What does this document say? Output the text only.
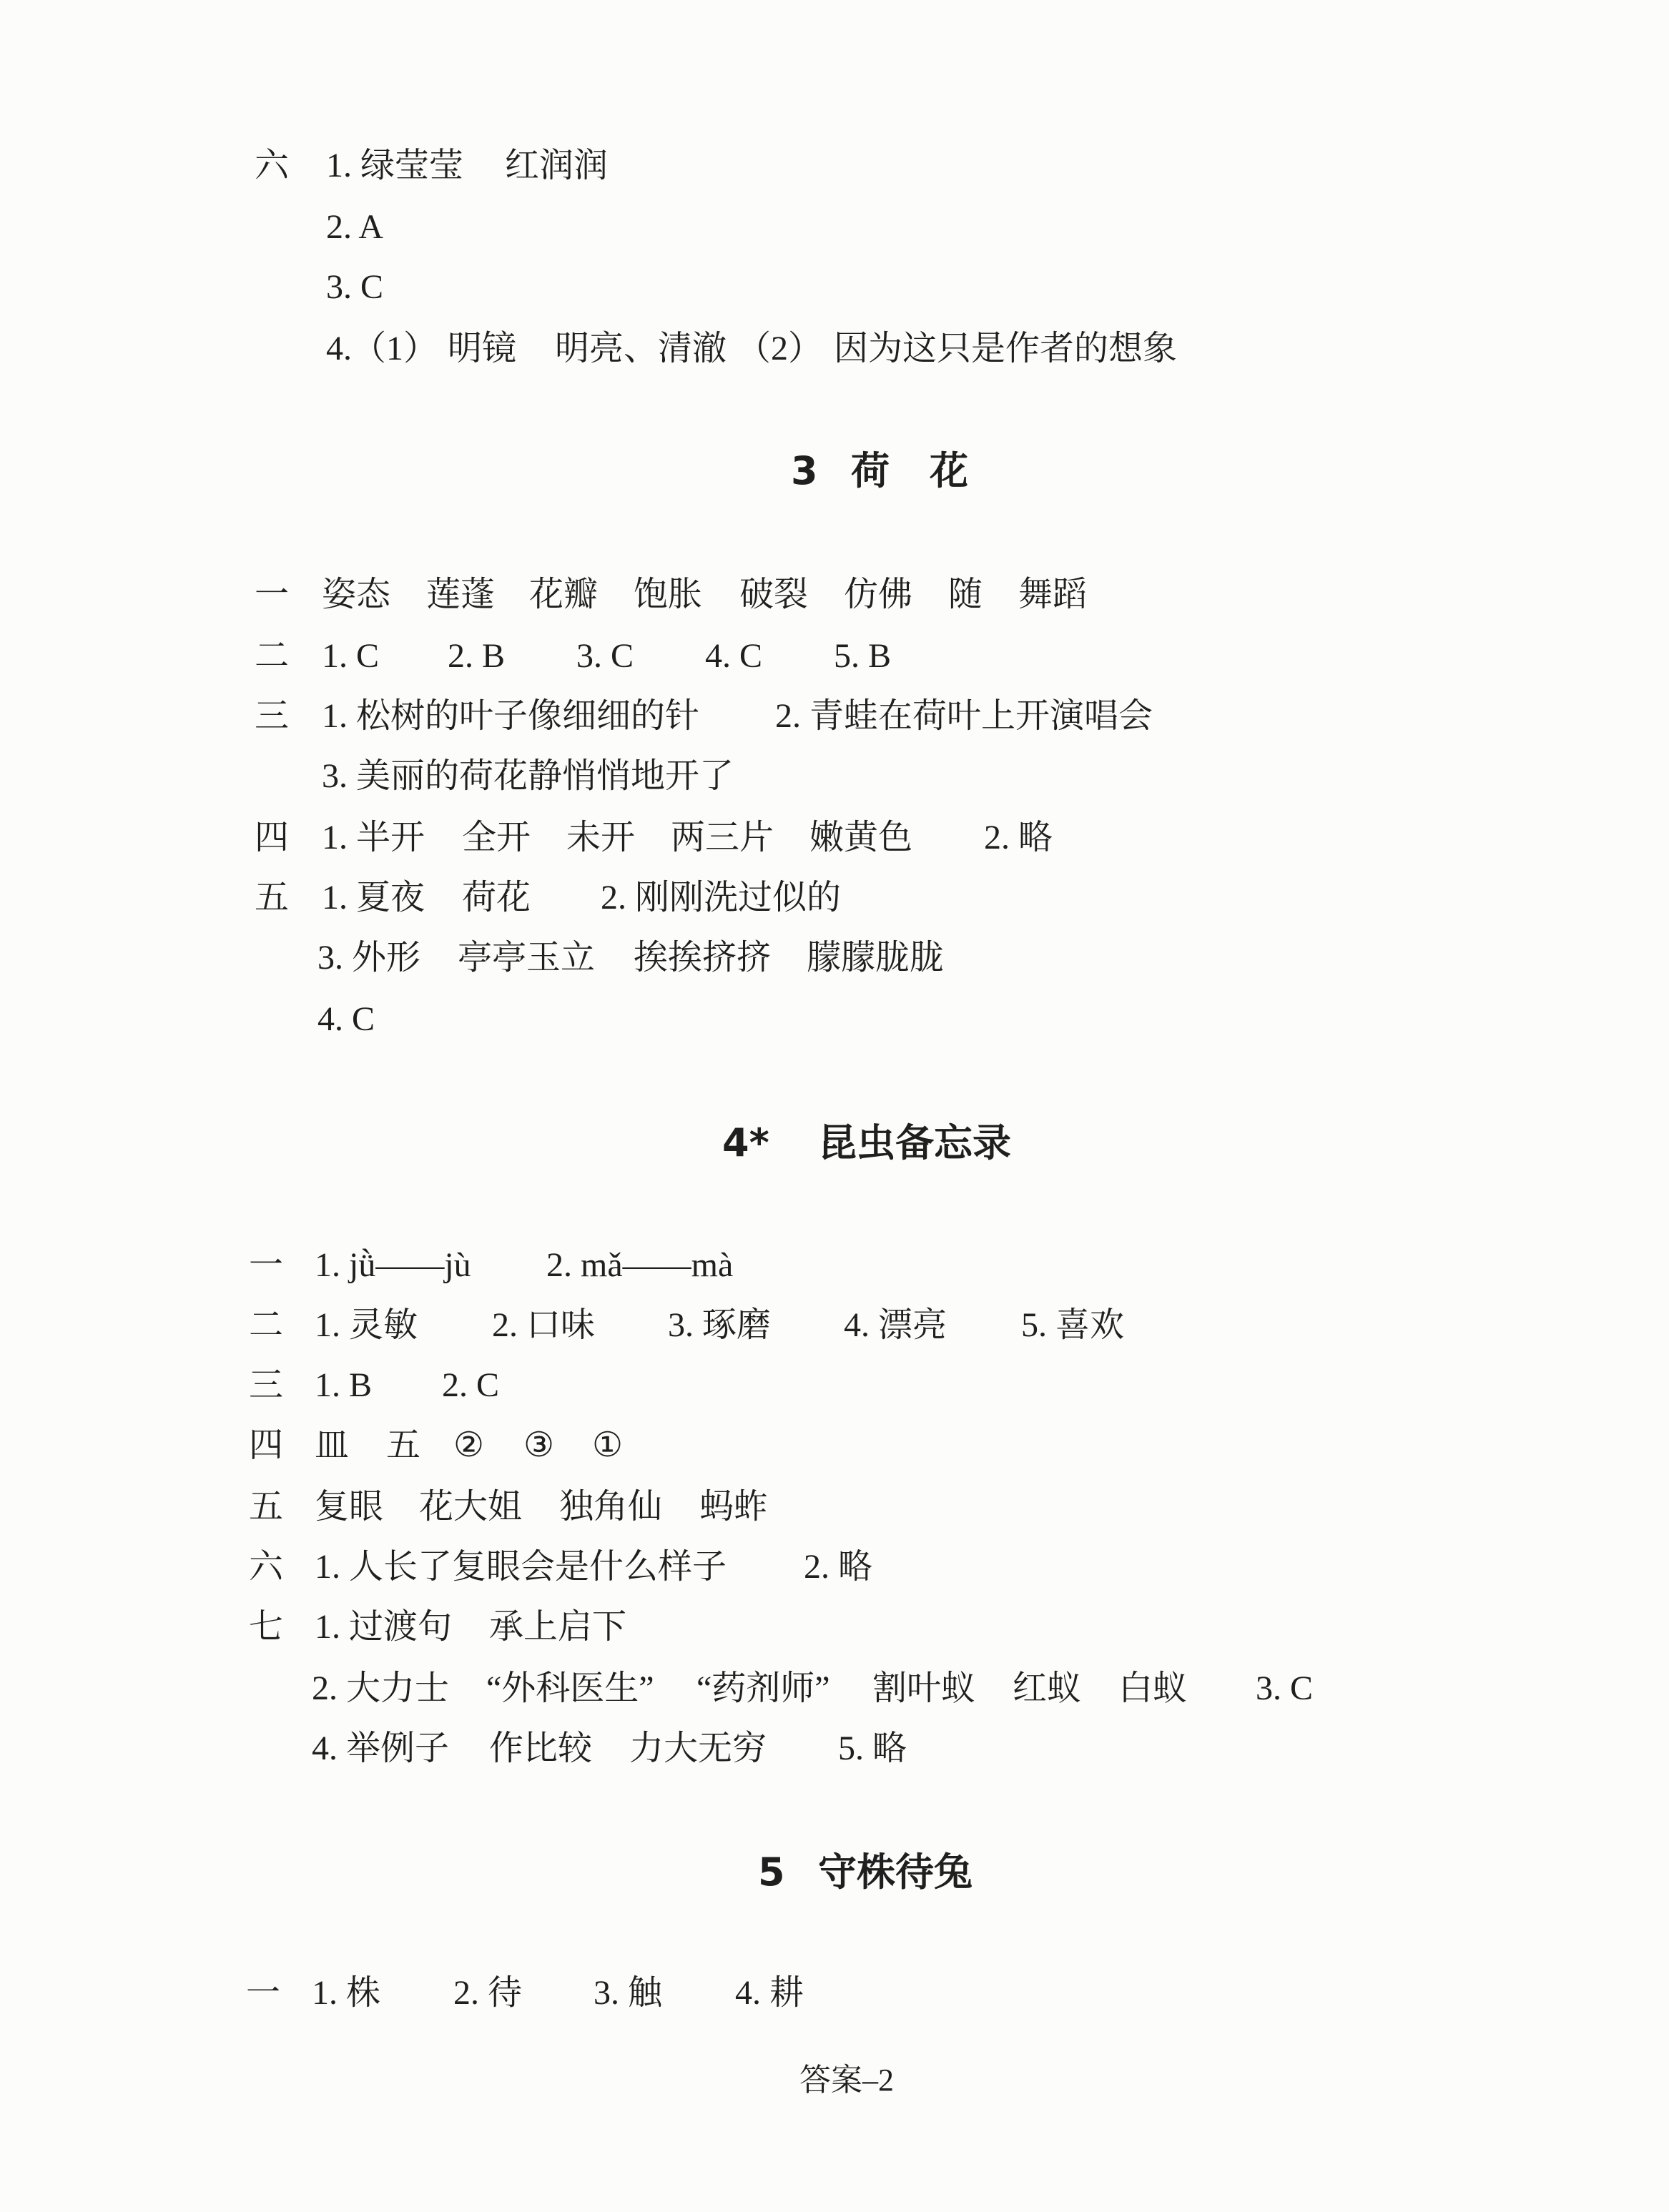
答案–2
六 1. 绿莹莹 红润润
2. A
3. C
4.（1） 明镜 明亮、清澈 （2） 因为这只是作者的想象
3 荷 花
一 姿态 莲蓬 花瓣 饱胀 破裂 仿佛 随 舞蹈
二 1. C 2. B 3. C 4. C 5. B
三 1. 松树的叶子像细细的针 2. 青蛙在荷叶上开演唱会
3. 美丽的荷花静悄悄地开了
四 1. 半开 全开 未开 两三片 嫩黄色 2. 略
五 1. 夏夜 荷花 2. 刚刚洗过似的
3. 外形 亭亭玉立 挨挨挤挤 朦朦胧胧
4. C
4* 昆虫备忘录
一 1. jǜ——jù 2. mǎ——mà
二 1. 灵敏 2. 口味 3. 琢磨 4. 漂亮 5. 喜欢
三 1. B 2. C
四 皿 五 ② ③ ①
五 复眼 花大姐 独角仙 蚂蚱
六 1. 人长了复眼会是什么样子 2. 略
七 1. 过渡句 承上启下
2. 大力士 “外科医生” “药剂师” 割叶蚁 红蚁 白蚁 3. C
4. 举例子 作比较 力大无穷 5. 略
5 守株待兔
一 1. 株 2. 待 3. 触 4. 耕
